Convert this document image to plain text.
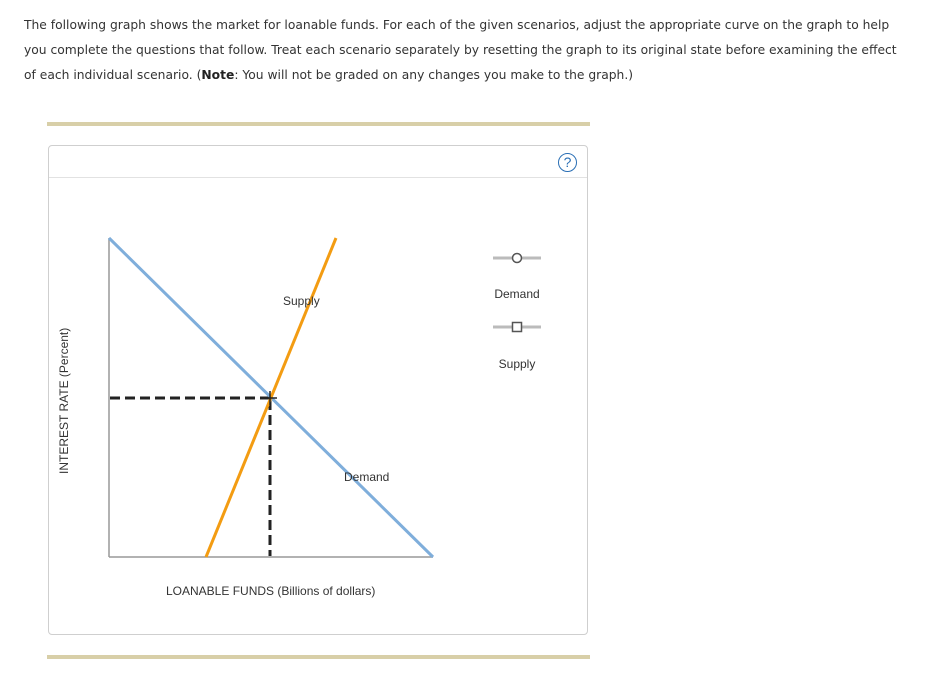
The following graph shows the market for loanable funds. For each of the given scenarios, adjust the appropriate curve on the graph to help you complete the questions that follow. Treat each scenario separately by resetting the graph to its original state before examining the effect of each individual scenario. (Note: You will not be graded on any changes you make to the graph.)

?
Supply
Demand
LOANABLE FUNDS (Billions of dollars)
INTEREST RATE (Percent)
Demand
Supply
